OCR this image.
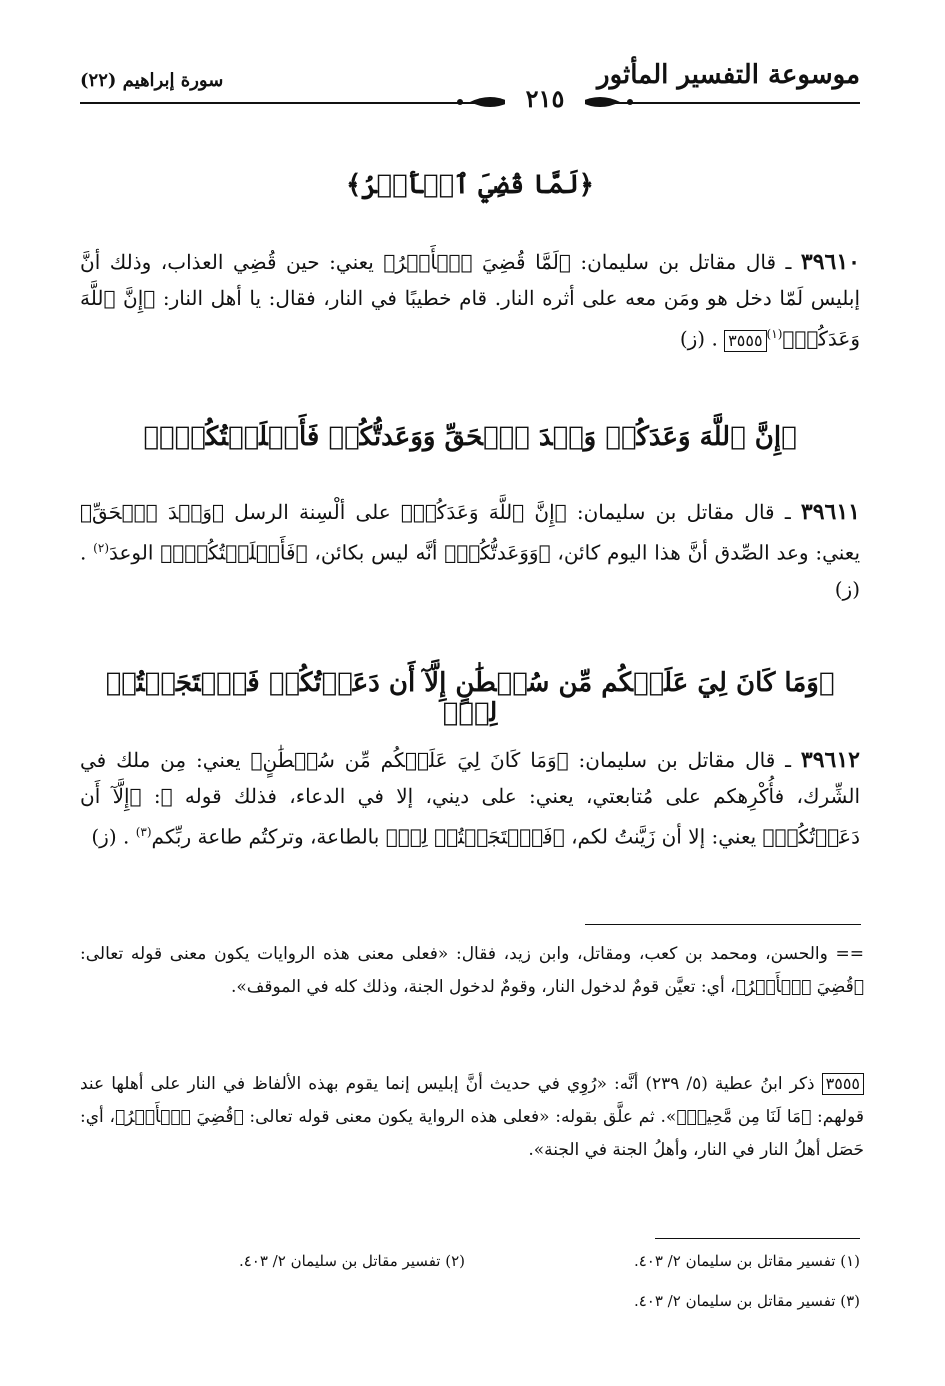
موسوعة التفسير المأثور
سورة إبراهيم (٢٢)
٢١٥
﴿لَمَّا قُضِيَ ٱلۡأَمۡرُ﴾
٣٩٦١٠ ـ قال مقاتل بن سليمان: ﴿لَمَّا قُضِيَ ٱلۡأَمۡرُ﴾ يعني: حين قُضِي العذاب، وذلك أنَّ إبليس لَمّا دخل هو ومَن معه على أثره النار. قام خطيبًا في النار، فقال: يا أهل النار: ﴿إِنَّ ٱللَّهَ وَعَدَكُمۡ﴾$^{(١)}$٣٥٥٥ . (ز)
﴿إِنَّ ٱللَّهَ وَعَدَكُمۡ وَعۡدَ ٱلۡحَقِّ وَوَعَدتُّكُمۡ فَأَخۡلَفۡتُكُمۡۖ﴾
٣٩٦١١ ـ قال مقاتل بن سليمان: ﴿إِنَّ ٱللَّهَ وَعَدَكُمۡ﴾ على ألْسِنة الرسل ﴿وَعۡدَ ٱلۡحَقِّ﴾ يعني: وعد الصِّدق أنَّ هذا اليوم كائن، ﴿وَوَعَدتُّكُمۡ﴾ أنَّه ليس بكائن، ﴿فَأَخۡلَفۡتُكُمۡۖ﴾ الوعدَ$^{(٢)}$ . (ز)
﴿وَمَا كَانَ لِيَ عَلَيۡكُم مِّن سُلۡطَٰنٍ إِلَّآ أَن دَعَوۡتُكُمۡ فَٱسۡتَجَبۡتُمۡ لِيۖ﴾
٣٩٦١٢ ـ قال مقاتل بن سليمان: ﴿وَمَا كَانَ لِيَ عَلَيۡكُم مِّن سُلۡطَٰنٍ﴾ يعني: مِن ملك في الشِّرك، فأُكْرِهكم على مُتابعتي، يعني: على ديني، إلا في الدعاء، فذلك قوله ﷻ: ﴿إِلَّآ أَن دَعَوۡتُكُمۡ﴾ يعني: إلا أن زَيَّنتُ لكم، ﴿فَٱسۡتَجَبۡتُمۡ لِيۖ﴾ بالطاعة، وتركتُم طاعة ربِّكم$^{(٣)}$ . (ز)
== والحسن، ومحمد بن كعب، ومقاتل، وابن زيد، فقال: «فعلى معنى هذه الروايات يكون معنى قوله تعالى: ﴿قُضِيَ ٱلۡأَمۡرُ﴾، أي: تعيَّن قومٌ لدخول النار، وقومٌ لدخول الجنة، وذلك كله في الموقف».
٣٥٥٥ ذكر ابنُ عطية (٥/ ٢٣٩) أنَّه: «رُوِي في حديث أنَّ إبليس إنما يقوم بهذه الألفاظ في النار على أهلها عند قولهم: ﴿مَا لَنَا مِن مَّحِيصٖ﴾». ثم علَّق بقوله: «فعلى هذه الرواية يكون معنى قوله تعالى: ﴿قُضِيَ ٱلۡأَمۡرُ﴾، أي: حَصَل أهلُ النار في النار، وأهلُ الجنة في الجنة».
(١) تفسير مقاتل بن سليمان ٢/ ٤٠٣.
(٢) تفسير مقاتل بن سليمان ٢/ ٤٠٣.
(٣) تفسير مقاتل بن سليمان ٢/ ٤٠٣.
